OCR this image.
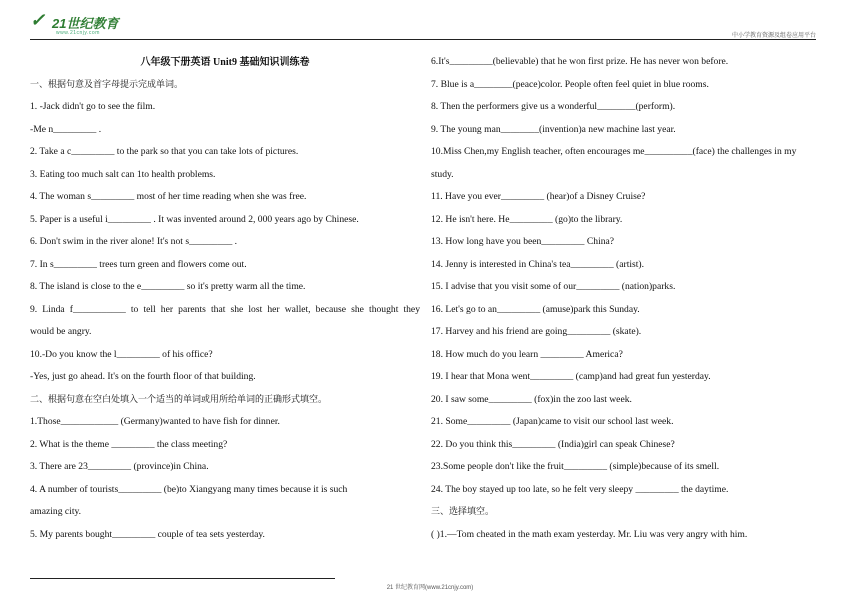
✓ 21世纪教育
www.21cnjy.com	中小学教育资源及组卷应用平台
八年级下册英语 Unit9 基础知识训练卷
一、根据句意及首字母提示完成单词。
1. -Jack didn't go to see the film.
-Me n_________ .
2. Take a c_________ to the park so that you can take lots of pictures.
3. Eating too much salt can 1to health problems.
4. The woman s_________ most of her time reading when she was free.
5. Paper is a useful i_________ . It was invented around 2, 000 years ago by Chinese.
6. Don't swim in the river alone! It's not s_________ .
7. In s_________ trees turn green and flowers come out.
8. The island is close to the e_________ so it's pretty warm all the time.
9. Linda f___________ to tell her parents that she lost her wallet, because she thought they
would be angry.
10.-Do you know the l_________ of his office?
-Yes, just go ahead. It's on the fourth floor of that building.
二、根据句意在空白处填入一个适当的单词或用所给单词的正确形式填空。
1.Those____________ (Germany)wanted to have fish for dinner.
2. What is the theme _________ the class meeting?
3. There are 23_________ (province)in China.
4. A number of tourists_________ (be)to Xiangyang many times because it is such
amazing city.
5. My parents bought_________ couple of tea sets yesterday.
6.It's_________(believable) that he won first prize. He has never won before.
7. Blue is a________(peace)color. People often feel quiet in blue rooms.
8. Then the performers give us a wonderful________(perform).
9. The young man________(invention)a new machine last year.
10.Miss Chen,my English teacher, often encourages me__________(face) the challenges in my
study.
11. Have you ever_________ (hear)of a Disney Cruise?
12. He isn't here. He_________ (go)to the library.
13. How long have you been_________ China?
14. Jenny is interested in China's tea_________ (artist).
15. I advise that you visit some of our_________ (nation)parks.
16. Let's go to an_________ (amuse)park this Sunday.
17. Harvey and his friend are going_________ (skate).
18. How much do you learn _________ America?
19. I hear that Mona went_________ (camp)and had great fun yesterday.
20. I saw some_________ (fox)in the zoo last week.
21. Some_________ (Japan)came to visit our school last week.
22. Do you think this_________ (India)girl can speak Chinese?
23.Some people don't like the fruit_________ (simple)because of its smell.
24. The boy stayed up too late, so he felt very sleepy _________ the daytime.
三、选择填空。
( )1.—Tom cheated in the math exam yesterday. Mr. Liu was very angry with him.
21 世纪教育网(www.21cnjy.com)
